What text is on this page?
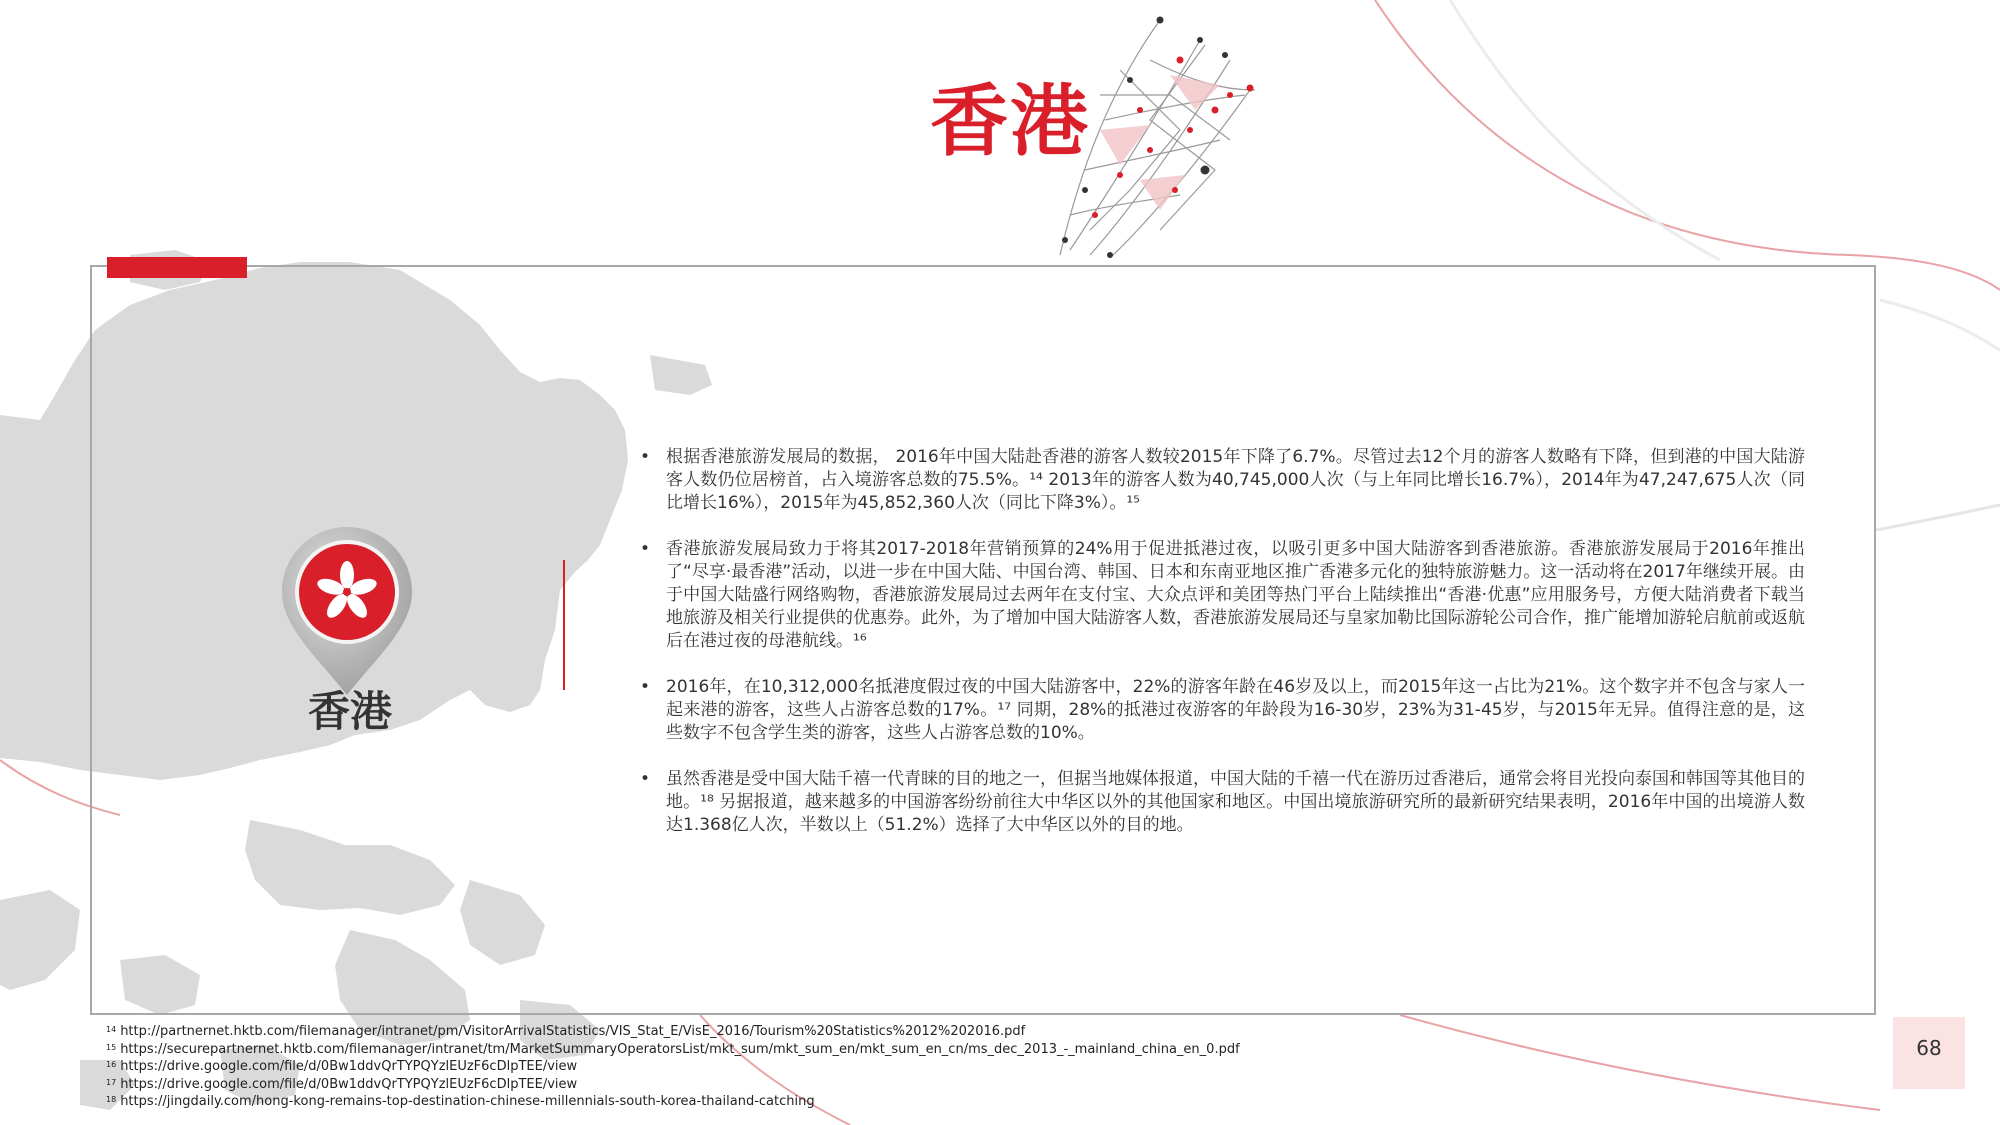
香港
香港
• 根据香港旅游发展局的数据， 2016年中国大陆赴香港的游客人数较2015年下降了6.7%。尽管过去12个月的游客人数略有下降，但到港的中国大陆游客人数仍位居榜首，占入境游客总数的75.5%。¹⁴ 2013年的游客人数为40,745,000人次（与上年同比增长16.7%），2014年为47,247,675人次（同比增长16%），2015年为45,852,360人次（同比下降3%）。¹⁵
• 香港旅游发展局致力于将其2017-2018年营销预算的24%用于促进抵港过夜，以吸引更多中国大陆游客到香港旅游。香港旅游发展局于2016年推出了“尽享·最香港”活动，以进一步在中国大陆、中国台湾、韩国、日本和东南亚地区推广香港多元化的独特旅游魅力。这一活动将在2017年继续开展。由于中国大陆盛行网络购物，香港旅游发展局过去两年在支付宝、大众点评和美团等热门平台上陆续推出“香港·优惠”应用服务号，方便大陆消费者下载当地旅游及相关行业提供的优惠券。此外，为了增加中国大陆游客人数，香港旅游发展局还与皇家加勒比国际游轮公司合作，推广能增加游轮启航前或返航后在港过夜的母港航线。¹⁶
• 2016年，在10,312,000名抵港度假过夜的中国大陆游客中，22%的游客年龄在46岁及以上，而2015年这一占比为21%。这个数字并不包含与家人一起来港的游客，这些人占游客总数的17%。¹⁷ 同期，28%的抵港过夜游客的年龄段为16-30岁，23%为31-45岁，与2015年无异。值得注意的是，这些数字不包含学生类的游客，这些人占游客总数的10%。
• 虽然香港是受中国大陆千禧一代青睐的目的地之一，但据当地媒体报道，中国大陆的千禧一代在游历过香港后，通常会将目光投向泰国和韩国等其他目的地。¹⁸ 另据报道，越来越多的中国游客纷纷前往大中华区以外的其他国家和地区。中国出境旅游研究所的最新研究结果表明，2016年中国的出境游人数达1.368亿人次，半数以上（51.2%）选择了大中华区以外的目的地。
14 http://partnernet.hktb.com/filemanager/intranet/pm/VisitorArrivalStatistics/VIS_Stat_E/VisE_2016/Tourism%20Statistics%2012%202016.pdf
15 https://securepartnernet.hktb.com/filemanager/intranet/tm/MarketSummaryOperatorsList/mkt_sum/mkt_sum_en/mkt_sum_en_cn/ms_dec_2013_-_mainland_china_en_0.pdf
16 https://drive.google.com/file/d/0Bw1ddvQrTYPQYzlEUzF6cDlpTEE/view
17 https://drive.google.com/file/d/0Bw1ddvQrTYPQYzlEUzF6cDlpTEE/view
18 https://jingdaily.com/hong-kong-remains-top-destination-chinese-millennials-south-korea-thailand-catching
68
